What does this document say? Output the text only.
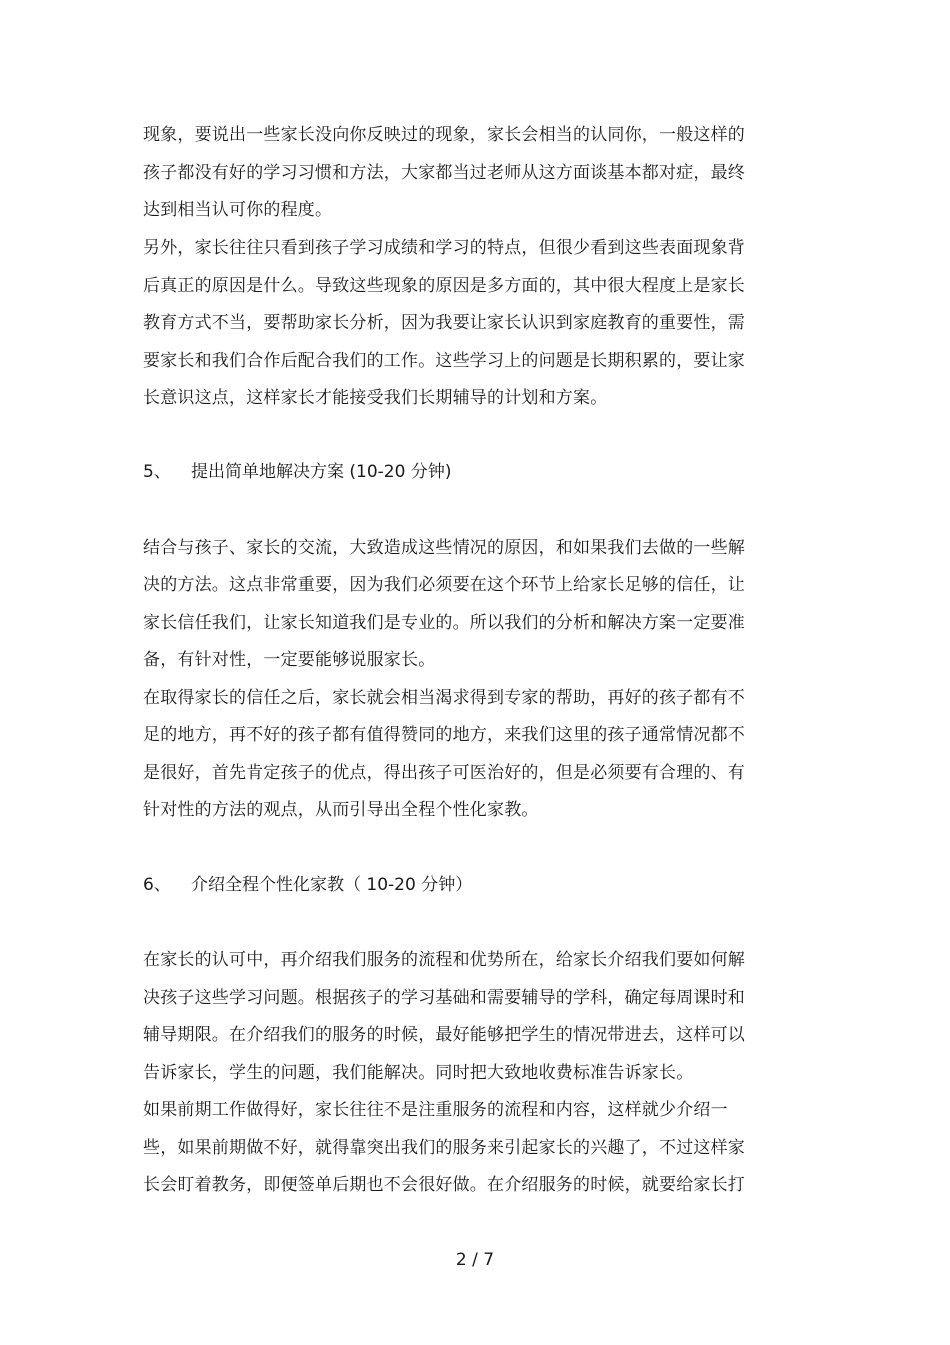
现象，要说出一些家长没向你反映过的现象，家长会相当的认同你，一般这样的
孩子都没有好的学习习惯和方法，大家都当过老师从这方面谈基本都对症，最终
达到相当认可你的程度。
另外，家长往往只看到孩子学习成绩和学习的特点，但很少看到这些表面现象背
后真正的原因是什么。导致这些现象的原因是多方面的，其中很大程度上是家长
教育方式不当，要帮助家长分析，因为我要让家长认识到家庭教育的重要性，需
要家长和我们合作后配合我们的工作。这些学习上的问题是长期积累的，要让家
长意识这点，这样家长才能接受我们长期辅导的计划和方案。
5、 提出简单地解决方案 (10-20 分钟)
结合与孩子、家长的交流，大致造成这些情况的原因，和如果我们去做的一些解
决的方法。这点非常重要，因为我们必须要在这个环节上给家长足够的信任，让
家长信任我们，让家长知道我们是专业的。所以我们的分析和解决方案一定要准
备，有针对性，一定要能够说服家长。
在取得家长的信任之后，家长就会相当渴求得到专家的帮助，再好的孩子都有不
足的地方，再不好的孩子都有值得赞同的地方，来我们这里的孩子通常情况都不
是很好，首先肯定孩子的优点，得出孩子可医治好的，但是必须要有合理的、有
针对性的方法的观点，从而引导出全程个性化家教。
6、 介绍全程个性化家教（ 10-20 分钟）
在家长的认可中，再介绍我们服务的流程和优势所在，给家长介绍我们要如何解
决孩子这些学习问题。根据孩子的学习基础和需要辅导的学科，确定每周课时和
辅导期限。在介绍我们的服务的时候，最好能够把学生的情况带进去，这样可以
告诉家长，学生的问题，我们能解决。同时把大致地收费标准告诉家长。
如果前期工作做得好，家长往往不是注重服务的流程和内容，这样就少介绍一
些，如果前期做不好，就得靠突出我们的服务来引起家长的兴趣了，不过这样家
长会盯着教务，即便签单后期也不会很好做。在介绍服务的时候，就要给家长打
2 / 7
